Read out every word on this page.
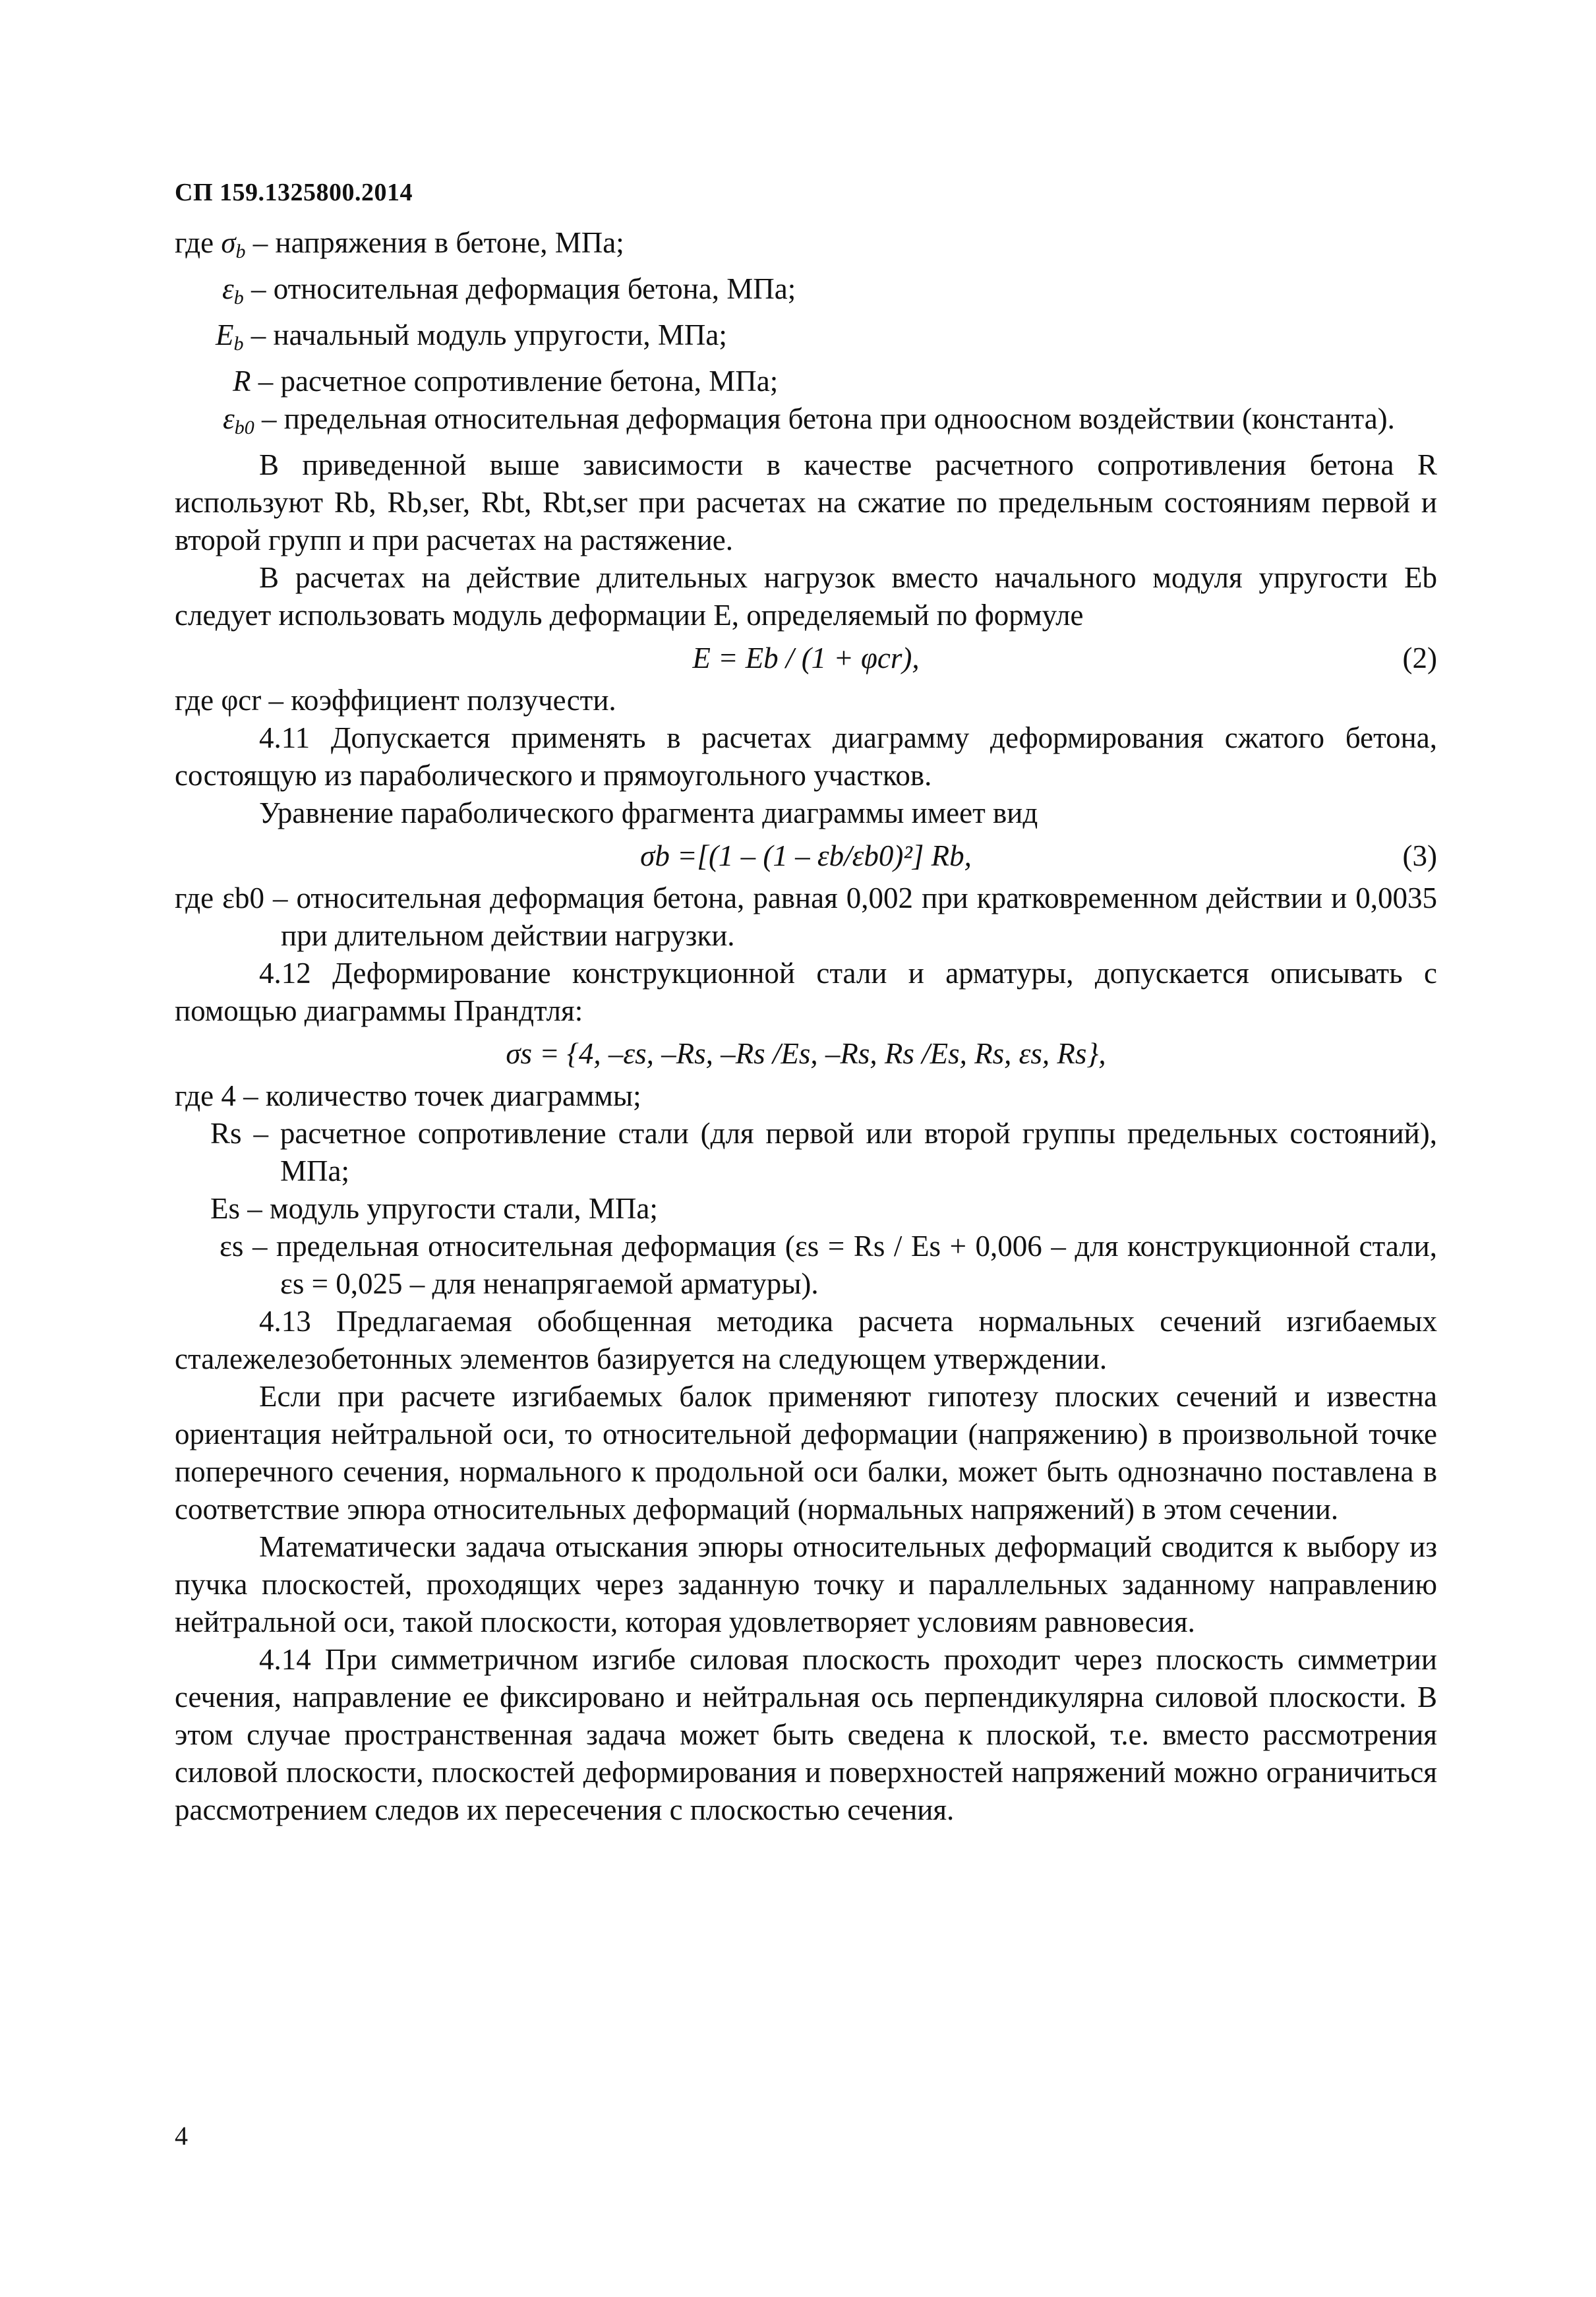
СП 159.1325800.2014

где $\sigma_b$ – напряжения в бетоне, МПа;

$\varepsilon_b$ – относительная деформация бетона, МПа;

$E_b$ – начальный модуль упругости, МПа;

R – расчетное сопротивление бетона, МПа;

$\varepsilon_{b0}$ – предельная относительная деформация бетона при одноосном воздействии (константа).

В приведенной выше зависимости в качестве расчетного сопротивления бетона R используют Rb, Rb,ser, Rbt, Rbt,ser при расчетах на сжатие по предельным состояниям первой и второй групп и при расчетах на растяжение.

В расчетах на действие длительных нагрузок вместо начального модуля упругости Eb следует использовать модуль деформации E, определяемый по формуле

E = Eb / (1 + φcr),	(2)

где φcr – коэффициент ползучести.

4.11 Допускается применять в расчетах диаграмму деформирования сжатого бетона, состоящую из параболического и прямоугольного участков.

Уравнение параболического фрагмента диаграммы имеет вид

σb =[(1 – (1 – εb/εb0)²] Rb,	(3)

где εb0 – относительная деформация бетона, равная 0,002 при кратковременном действии и 0,0035 при длительном действии нагрузки.

4.12 Деформирование конструкционной стали и арматуры, допускается описывать с помощью диаграммы Прандтля:

σs = {4, –εs, –Rs, –Rs /Es, –Rs, Rs /Es, Rs, εs, Rs},

где 4 – количество точек диаграммы;

Rs – расчетное сопротивление стали (для первой или второй группы предельных состояний), МПа;

Es – модуль упругости стали, МПа;

εs – предельная относительная деформация (εs = Rs / Es + 0,006 – для конструкционной стали, εs = 0,025 – для ненапрягаемой арматуры).

4.13 Предлагаемая обобщенная методика расчета нормальных сечений изгибаемых сталежелезобетонных элементов базируется на следующем утверждении.

Если при расчете изгибаемых балок применяют гипотезу плоских сечений и известна ориентация нейтральной оси, то относительной деформации (напряжению) в произвольной точке поперечного сечения, нормального к продольной оси балки, может быть однозначно поставлена в соответствие эпюра относительных деформаций (нормальных напряжений) в этом сечении.

Математически задача отыскания эпюры относительных деформаций сводится к выбору из пучка плоскостей, проходящих через заданную точку и параллельных заданному направлению нейтральной оси, такой плоскости, которая удовлетворяет условиям равновесия.

4.14 При симметричном изгибе силовая плоскость проходит через плоскость симметрии сечения, направление ее фиксировано и нейтральная ось перпендикулярна силовой плоскости. В этом случае пространственная задача может быть сведена к плоской, т.е. вместо рассмотрения силовой плоскости, плоскостей деформирования и поверхностей напряжений можно ограничиться рассмотрением следов их пересечения с плоскостью сечения.

4
